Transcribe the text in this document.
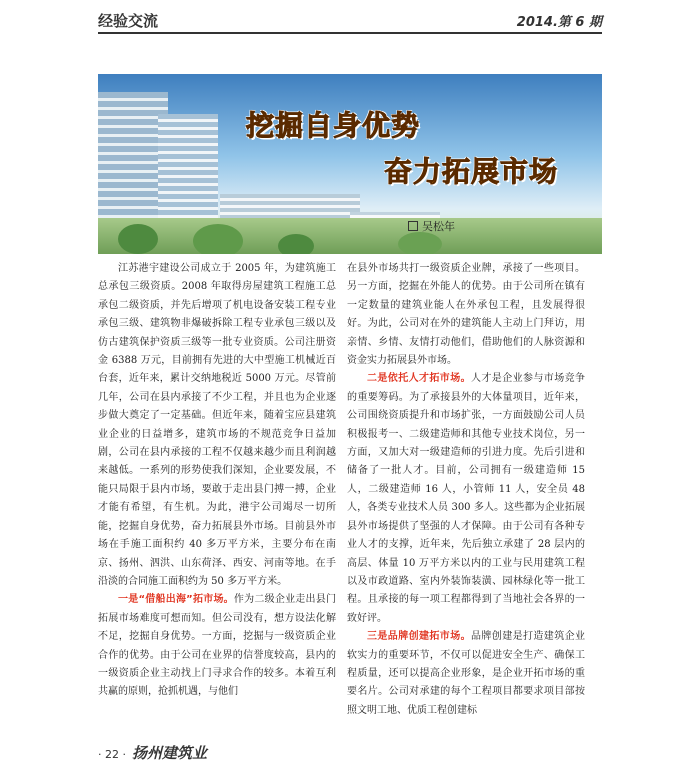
经验交流	2014.第 6 期
挖掘自身优势
奋力拓展市场
吴松年

江苏港宇建设公司成立于 2005 年，为建筑施工总承包三级资质。2008 年取得房屋建筑工程施工总承包二级资质，并先后增项了机电设备安装工程专业承包三级、建筑物非爆破拆除工程专业承包三级以及仿古建筑保护资质三级等一批专业资质。公司注册资金 6388 万元，目前拥有先进的大中型施工机械近百台套，近年来，累计交纳地税近 5000 万元。尽管前几年，公司在县内承接了不少工程，并且也为企业逐步做大奠定了一定基础。但近年来，随着宝应县建筑业企业的日益增多，建筑市场的不规范竞争日益加剧，公司在县内承接的工程不仅越来越少而且利润越来越低。一系列的形势使我们深知，企业要发展，不能只局限于县内市场，要敢于走出县门搏一搏，企业才能有希望，有生机。为此，港宇公司竭尽一切所能，挖掘自身优势，奋力拓展县外市场。目前县外市场在手施工面积约 40 多万平方米，主要分布在南京、扬州、泗洪、山东荷泽、西安、河南等地。在手沿淡的合同施工面积约为 50 多万平方米。

一是“借船出海”拓市场。作为二级企业走出县门拓展市场难度可想而知。但公司没有，想方设法化解不足，挖掘自身优势。一方面，挖掘与一级资质企业合作的优势。由于公司在业界的信誉度较高，县内的一级资质企业主动找上门寻求合作的较多。本着互利共赢的原则，抢抓机遇，与他们

在县外市场共打一级资质企业牌，承接了一些项目。另一方面，挖掘在外能人的优势。由于公司所在镇有一定数量的建筑业能人在外承包工程，且发展得很好。为此，公司对在外的建筑能人主动上门拜访，用亲情、乡情、友情打动他们，借助他们的人脉资源和资金实力拓展县外市场。

二是依托人才拓市场。人才是企业参与市场竞争的重要筹码。为了承接县外的大体量项目，近年来，公司围绕资质提升和市场扩张，一方面鼓励公司人员积极报考一、二级建造师和其他专业技术岗位，另一方面，又加大对一级建造师的引进力度。先后引进和储备了一批人才。目前，公司拥有一级建造师 15 人，二级建造师 16 人，小管师 11 人，安全员 48 人，各类专业技术人员 300 多人。这些都为企业拓展县外市场提供了坚强的人才保障。由于公司有各种专业人才的支撑，近年来，先后独立承建了 28 层内的高层、体量 10 万平方米以内的工业与民用建筑工程以及市政道路、室内外装饰装潢、园林绿化等一批工程。且承接的每一项工程都得到了当地社会各界的一致好评。

三是品牌创建拓市场。品牌创建是打造建筑企业软实力的重要环节，不仅可以促进安全生产、确保工程质量，还可以提高企业形象，是企业开拓市场的重要名片。公司对承建的每个工程项目都要求项目部按照文明工地、优质工程创建标

· 22 · 扬州建筑业
